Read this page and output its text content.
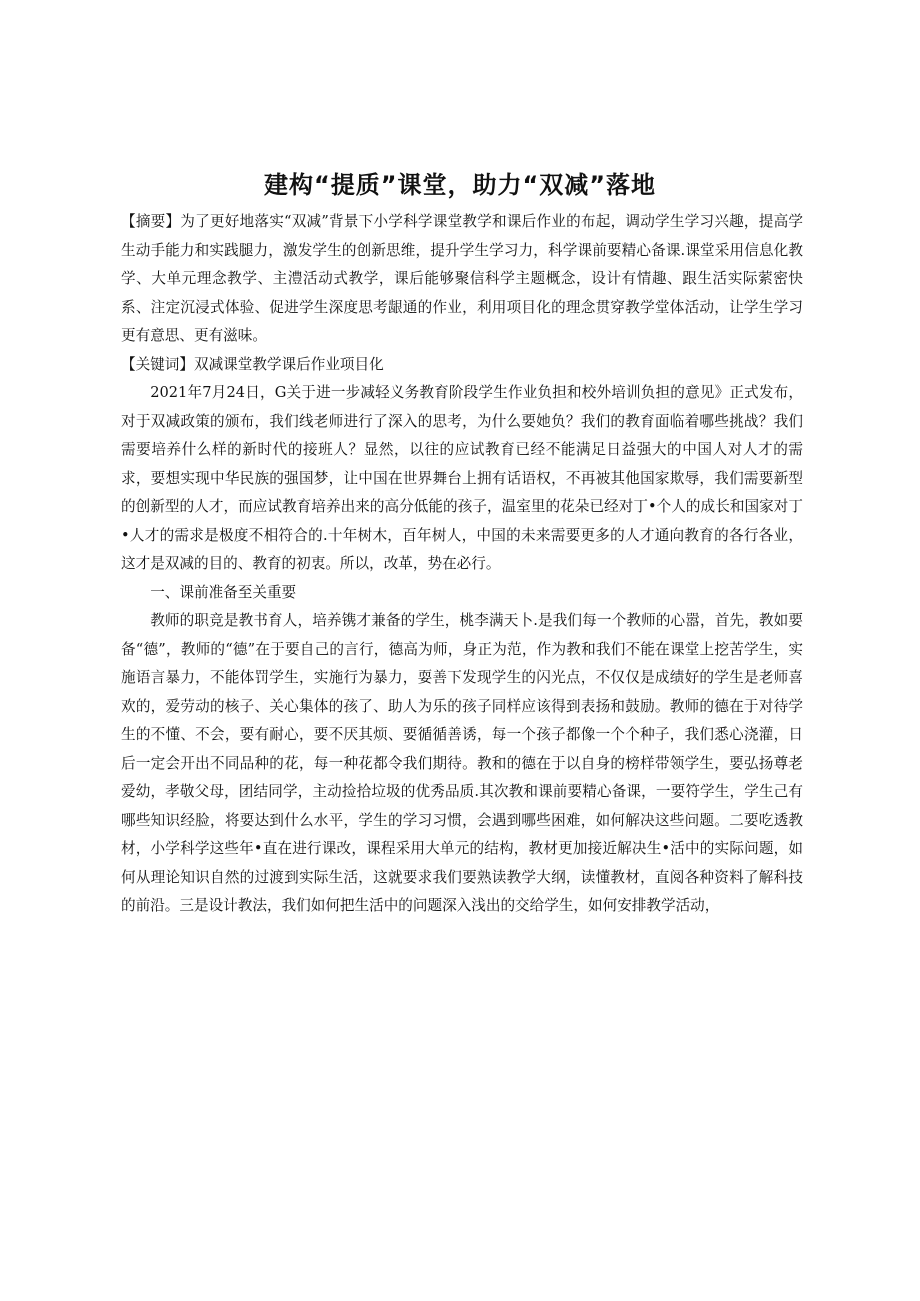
建构“提质”课堂，助力“双减”落地

【摘要】为了更好地落实“双减”背景下小学科学课堂教学和课后作业的布起，调动学生学习兴趣，提高学生动手能力和实践腿力，激发学生的创新思维，提升学生学习力，科学课前要精心备课.课堂采用信息化教学、大单元理念教学、主澧活动式教学，课后能够聚信科学主题概念，设计有情趣、跟生活实际萦密快系、注定沉浸式体验、促进学生深度思考龈通的作业，利用项目化的理念贯穿教学堂体活动，让学生学习更有意思、更有滋味。

【关键词】双减课堂教学课后作业项目化

2021年7月24日，G关于进一步减轻义务教育阶段学生作业负担和校外培训负担的意见》正式发布，对于双减政策的颁布，我们线老师进行了深入的思考，为什么要她负？我们的教育面临着哪些挑战？我们需要培养什么样的新时代的接班人？显然，以往的应试教育已经不能满足日益强大的中国人对人才的需求，要想实现中华民族的强国梦，让中国在世界舞台上拥有话语权，不再被其他国家欺辱，我们需要新型的创新型的人才，而应试教育培养出来的高分低能的孩子，温室里的花朵已经对丁•个人的成长和国家对丁•人才的需求是极度不相符合的.十年树木，百年树人，中国的未来需要更多的人才通向教育的各行各业，这才是双减的目的、教育的初衷。所以，改革，势在必行。

一、课前准备至关重要

教师的职竞是教书育人，培养镌才兼备的学生，桃李满天卜.是我们每一个教师的心嚣，首先，教如要备“德”，教师的“德”在于要自己的言行，德高为师，身正为范，作为教和我们不能在课堂上挖苦学生，实施语言暴力，不能体罚学生，实施行为暴力，耍善下发现学生的闪光点，不仅仅是成绩好的学生是老师喜欢的，爱劳动的核子、关心集体的孩了、助人为乐的孩子同样应该得到表扬和鼓励。教师的德在于对待学生的不懂、不会，要有耐心，要不厌其烦、要循循善诱，每一个孩子都像一个个种子，我们悉心浇灌，日后一定会开出不同品种的花，每一种花都令我们期待。教和的德在于以自身的榜样带领学生，要弘扬尊老爱幼，孝敬父母，团结同学，主动捡拾垃圾的优秀品质.其次教和课前要精心备课，一要符学生，学生己有哪些知识经脸，将要达到什么水平，学生的学习习惯，会遇到哪些困难，如何解决这些问题。二要吃透教材，小学科学这些年•直在进行课改，课程采用大单元的结构，教材更加接近解决生•活中的实际问题，如何从理论知识自然的过渡到实际生活，这就要求我们要熟读教学大纲，读懂教材，直阅各种资料了解科技的前沿。三是设计教法，我们如何把生活中的问题深入浅出的交给学生，如何安排教学活动，
